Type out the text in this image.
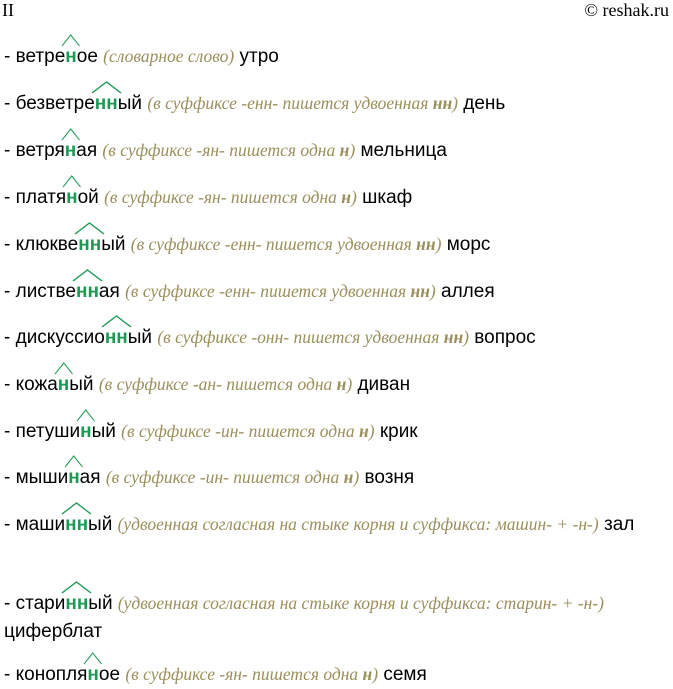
II	© reshak.ru
- ветрен
ое (словарное слово) утро
- безветренн
ый (в суффиксе -енн- пишется удвоенная нн) день
- ветрян
ая (в суффиксе -ян- пишется одна н) мельница
- платян
ой (в суффиксе -ян- пишется одна н) шкаф
- клюквенн
ый (в суффиксе -енн- пишется удвоенная нн) морс
- лиственн
ая (в суффиксе -енн- пишется удвоенная нн) аллея
- дискуссионн
ый (в суффиксе -онн- пишется удвоенная нн) вопрос
- кожан
ый (в суффиксе -ан- пишется одна н) диван
- петушин
ый (в суффиксе -ин- пишется одна н) крик
- мышин
ая (в суффиксе -ин- пишется одна н) возня
- машинн
ый (удвоенная согласная на стыке корня и суффикса: машин- + -н-) зал
- старинн
ый (удвоенная согласная на стыке корня и суффикса: старин- + -н-) циферблат
- коноплян
ое (в суффиксе -ян- пишется одна н) семя
